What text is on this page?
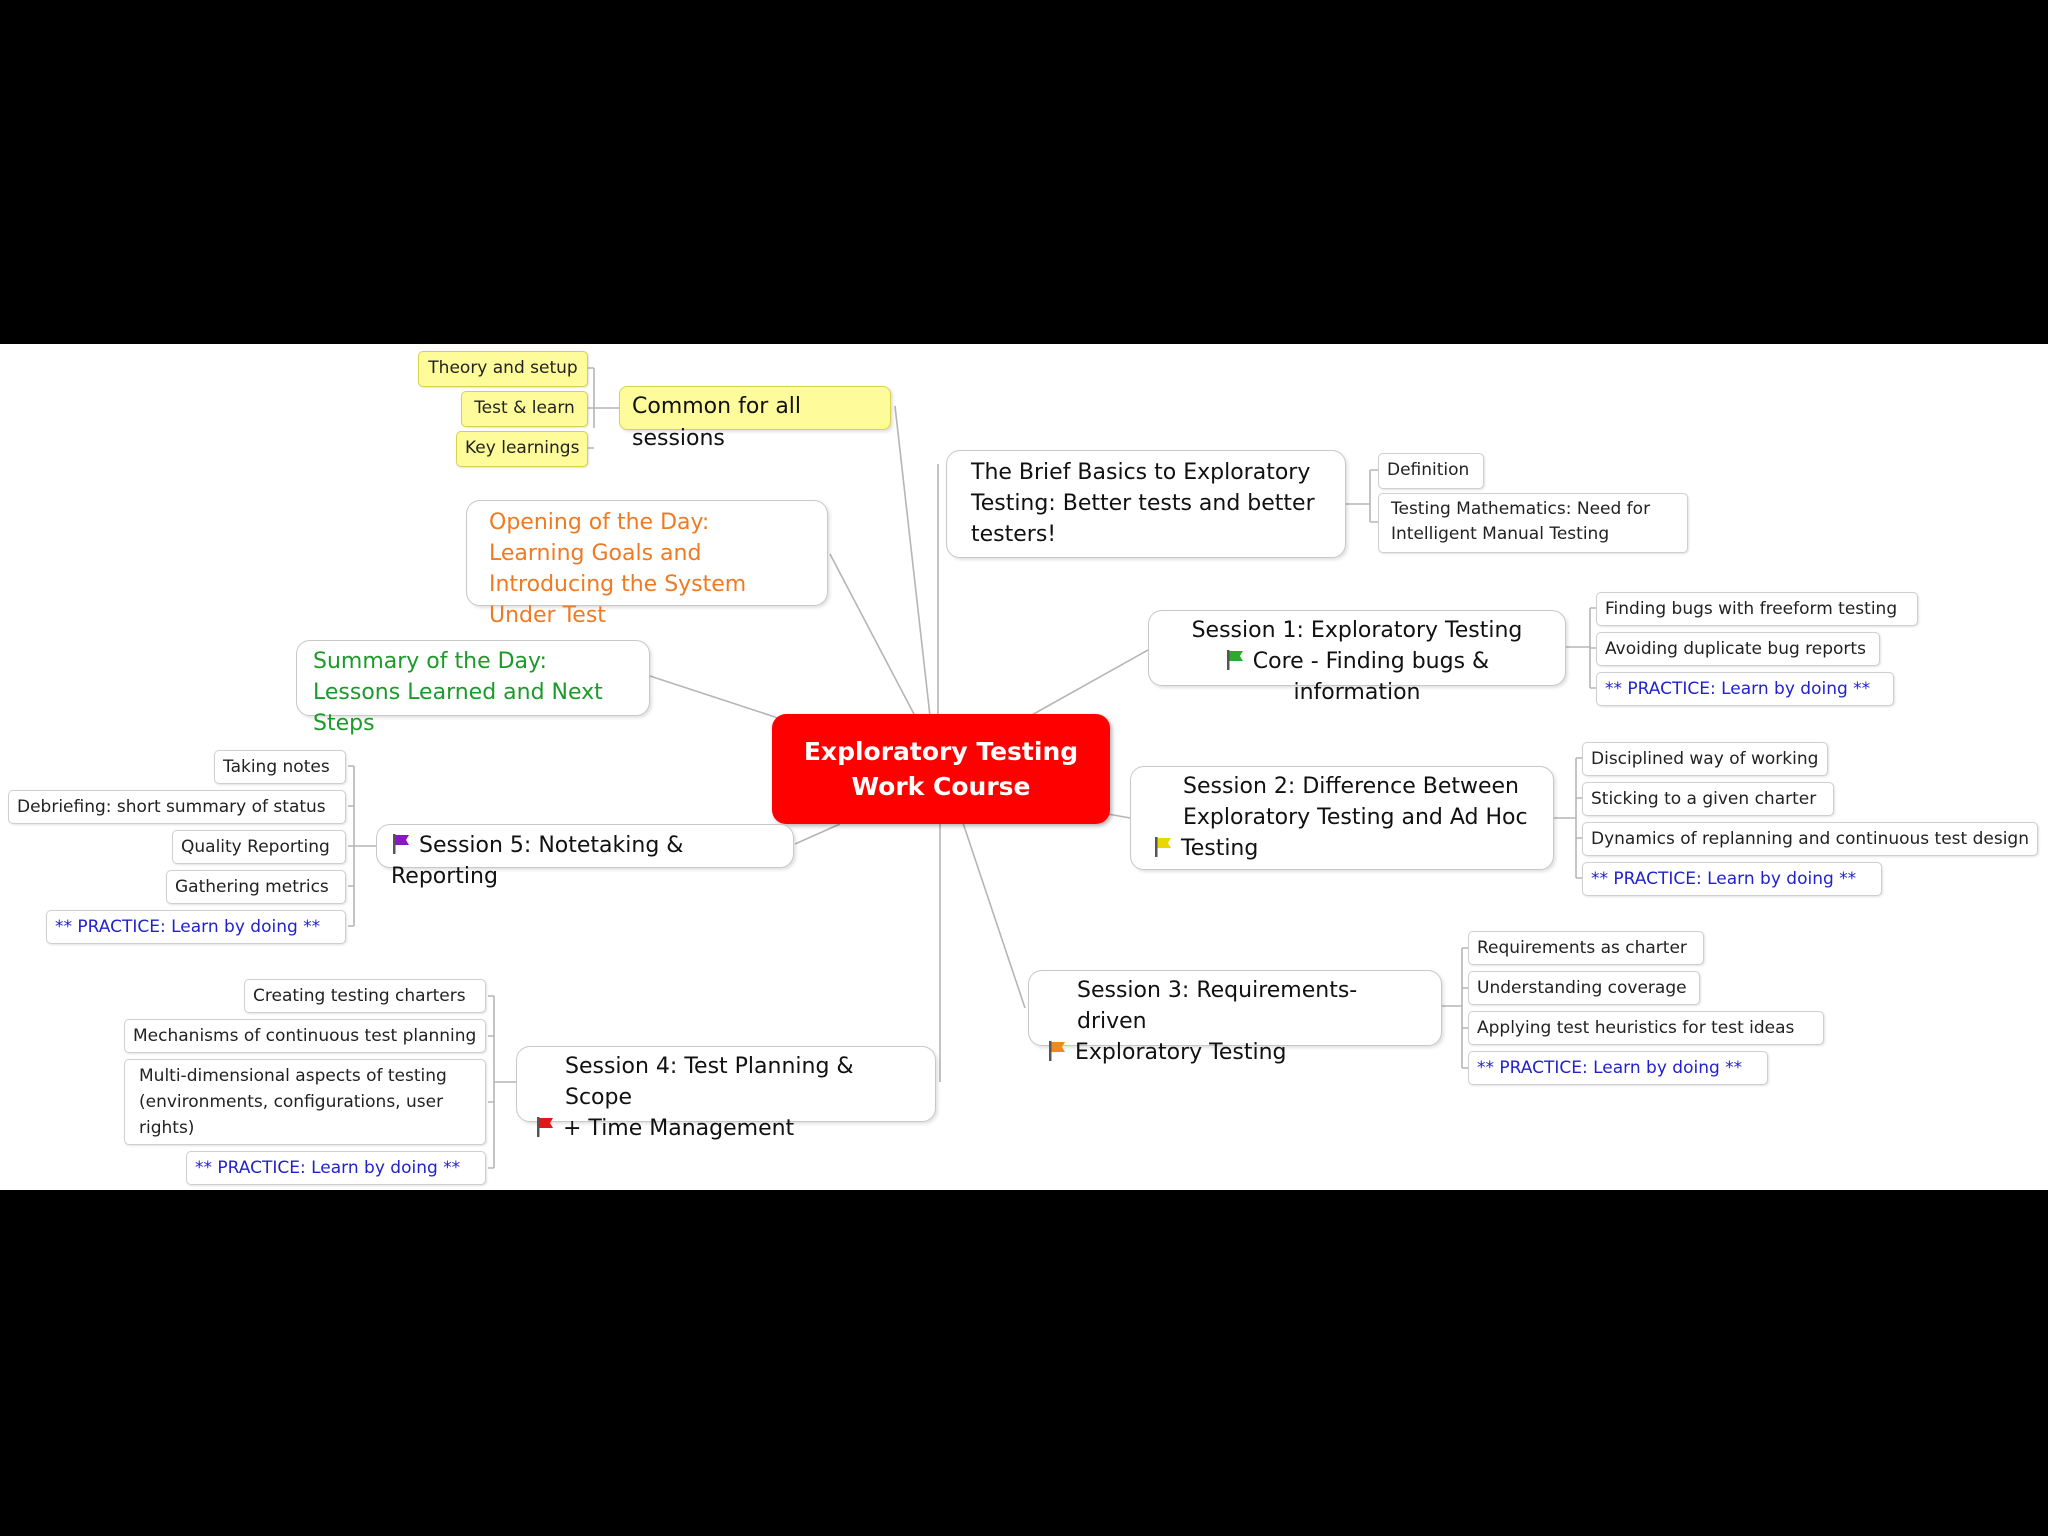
Exploratory Testing
Work Course
Common for all sessions
Theory and setup
Test & learn
Key learnings
Opening of the Day: Learning Goals and Introducing the System Under Test
Summary of the Day: Lessons Learned and Next Steps
The Brief Basics to Exploratory Testing: Better tests and better testers!
Definition
Testing Mathematics: Need for Intelligent Manual Testing
Session 1: Exploratory Testing
Core - Finding bugs & information
Finding bugs with freeform testing
Avoiding duplicate bug reports
** PRACTICE: Learn by doing **
Session 2: Difference Between
Exploratory Testing and Ad Hoc
Testing
Disciplined way of working
Sticking to a given charter
Dynamics of replanning and continuous test design
** PRACTICE: Learn by doing **
Session 3: Requirements-driven
Exploratory Testing
Requirements as charter
Understanding coverage
Applying test heuristics for test ideas
** PRACTICE: Learn by doing **
Session 4: Test Planning & Scope
+ Time Management
Creating testing charters
Mechanisms of continuous test planning
Multi-dimensional aspects of testing (environments, configurations, user rights)
** PRACTICE: Learn by doing **
Session 5: Notetaking & Reporting
Taking notes
Debriefing: short summary of status
Quality Reporting
Gathering metrics
** PRACTICE: Learn by doing **
